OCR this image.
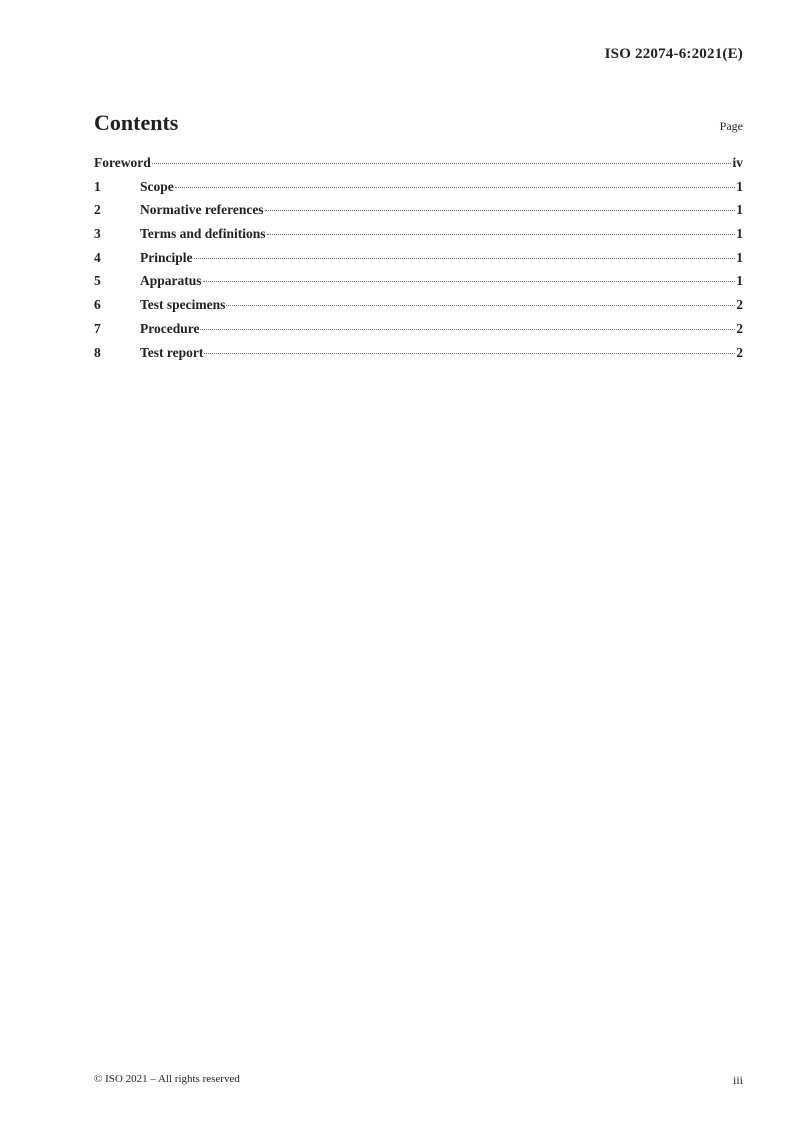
ISO 22074-6:2021(E)
Contents	Page
Foreword	iv
1	Scope	1
2	Normative references	1
3	Terms and definitions	1
4	Principle	1
5	Apparatus	1
6	Test specimens	2
7	Procedure	2
8	Test report	2
© ISO 2021 – All rights reserved	iii
